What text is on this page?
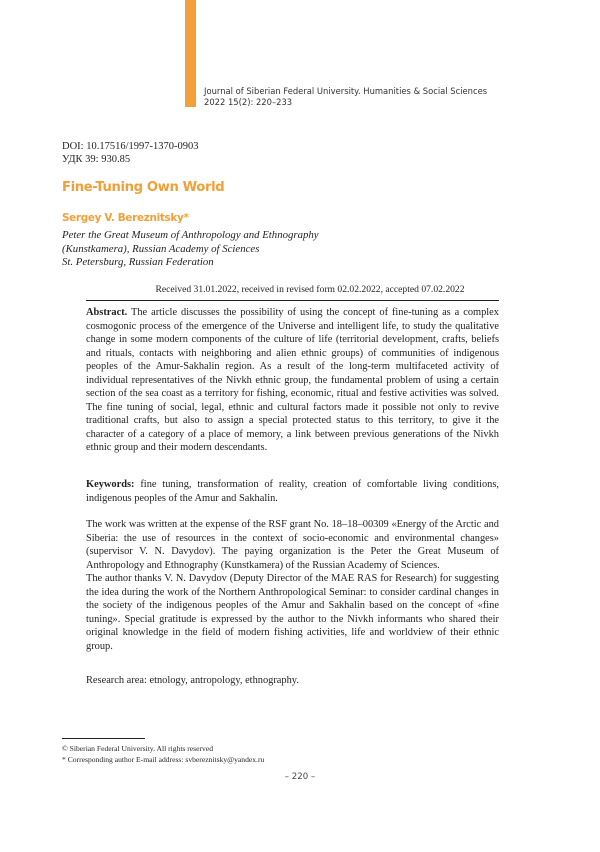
Journal of Siberian Federal University. Humanities & Social Sciences
2022 15(2): 220–233
DOI: 10.17516/1997-1370-0903
УДК 39: 930.85
Fine-Tuning Own World
Sergey V. Bereznitsky*
Peter the Great Museum of Anthropology and Ethnography
(Kunstkamera), Russian Academy of Sciences
St. Petersburg, Russian Federation
Received 31.01.2022, received in revised form 02.02.2022, accepted 07.02.2022

Abstract. The article discusses the possibility of using the concept of fine-tuning as a complex cosmogonic process of the emergence of the Universe and intelligent life, to study the qualitative change in some modern components of the culture of life (territorial development, crafts, beliefs and rituals, contacts with neighboring and alien ethnic groups) of communities of indigenous peoples of the Amur-Sakhalin region. As a result of the long-term multifaceted activity of individual representatives of the Nivkh ethnic group, the fundamental problem of using a certain section of the sea coast as a territory for fishing, economic, ritual and festive activities was solved. The fine tuning of social, legal, ethnic and cultural factors made it possible not only to revive traditional crafts, but also to assign a special protected status to this territory, to give it the character of a category of a place of memory, a link between previous generations of the Nivkh ethnic group and their modern descendants.

Keywords: fine tuning, transformation of reality, creation of comfortable living conditions, indigenous peoples of the Amur and Sakhalin.

The work was written at the expense of the RSF grant No. 18–18–00309 «Energy of the Arctic and Siberia: the use of resources in the context of socio-economic and environmental changes» (supervisor V. N. Davydov). The paying organization is the Peter the Great Museum of Anthropology and Ethnography (Kunstkamera) of the Russian Academy of Sciences.

The author thanks V. N. Davydov (Deputy Director of the MAE RAS for Research) for suggesting the idea during the work of the Northern Anthropological Seminar: to consider cardinal changes in the society of the indigenous peoples of the Amur and Sakhalin based on the concept of «fine tuning». Special gratitude is expressed by the author to the Nivkh informants who shared their original knowledge in the field of modern fishing activities, life and worldview of their ethnic group.

Research area: etnology, antropology, ethnography.

© Siberian Federal University. All rights reserved
* Corresponding author E-mail address: svbereznitsky@yandex.ru
– 220 –
